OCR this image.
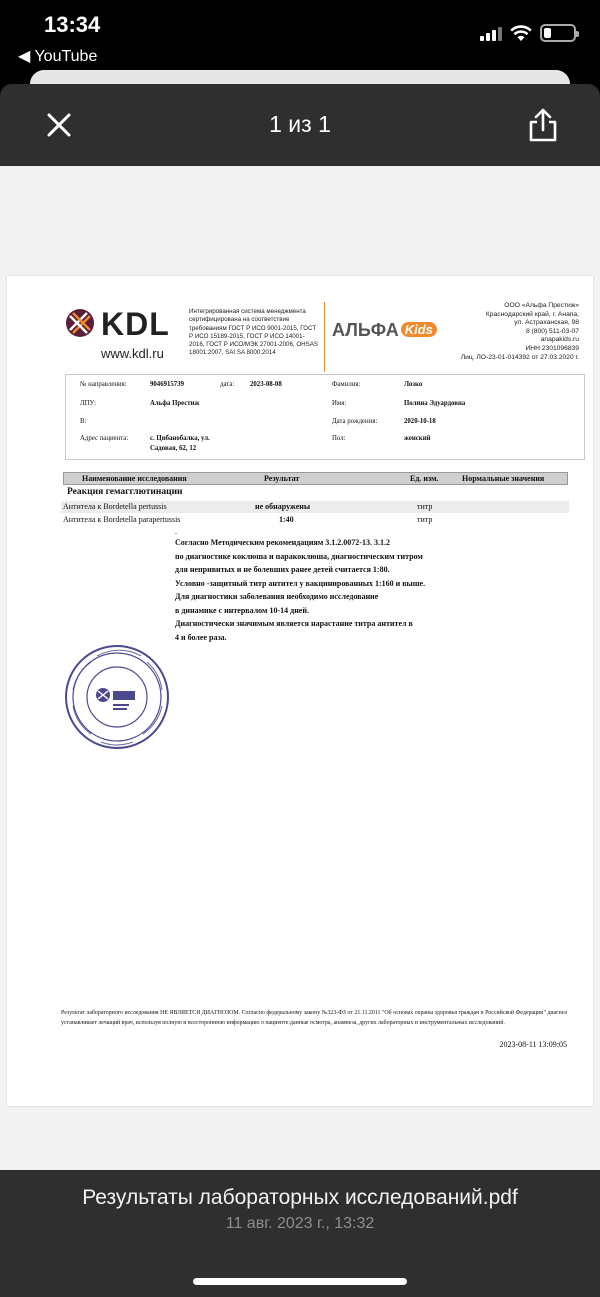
13:34
◀ YouTube
1 из 1
KDL
www.kdl.ru
Интегрированная система менеджмента сертифицирована на соответствие требованиям ГОСТ Р ИСО 9001-2015, ГОСТ Р ИСО 15189-2015, ГОСТ Р ИСО 14001-2016, ГОСТ Р ИСО/МЭК 27001-2006, OHSAS 18001:2007, SAI SA 8000:2014
АЛЬФА Kids
ООО «Альфа Престиж»
Краснодарский край, г. Анапа,
ул. Астраханская, 98
8 (800) 511-03-07
anapakids.ru
ИНН 2301096839
Лиц. ЛО-23-01-014392 от 27.03.2020 г.
№ направления:	9046915739	дата: 2023-08-08	Фамилия:	Лозко
ЛПУ:	Альфа Престиж	Имя:	Полина Эдуардовна
В:	Дата рождения:	2020-10-18
Адрес пациента:	с. Цибанобалка, ул.
Садовая, 62, 12
Пол:	женский
Наименование исследования	Результат	Ед. изм.	Нормальные значения
Реакция гемагглютинации
Антитела к Bordetella pertussis	не обнаружены	титр
Антитела к Bordetella parapertussis	1:40	титр
.
Согласно Методическим рекомендациям 3.1.2.0072-13. 3.1.2
по диагностике коклюша и паракоклюша, диагностическим титром
для непривитых и не болевших ранее детей считается 1:80.
Условно -защитный титр антител у вакцинированных 1:160 и выше.
Для диагностики заболевания необходимо исследование
в динамике с интервалом 10-14 дней.
Диагностически значимым является нарастание титра антител в
4 и более раза.
Результат лабораторного исследования НЕ ЯВЛЯЕТСЯ ДИАГНОЗОМ. Согласно федеральному закону №323-ФЗ от 21.11.2011 "Об основах охраны здоровья граждан в Российской Федерации" диагноз устанавливает лечащий врач, используя полную и всестороннюю информацию о пациенте:данные осмотра, анамнеза, других лабораторных и инструментальных исследований.
2023-08-11 13:09:05
Результаты лабораторных исследований.pdf
11 авг. 2023 г., 13:32
